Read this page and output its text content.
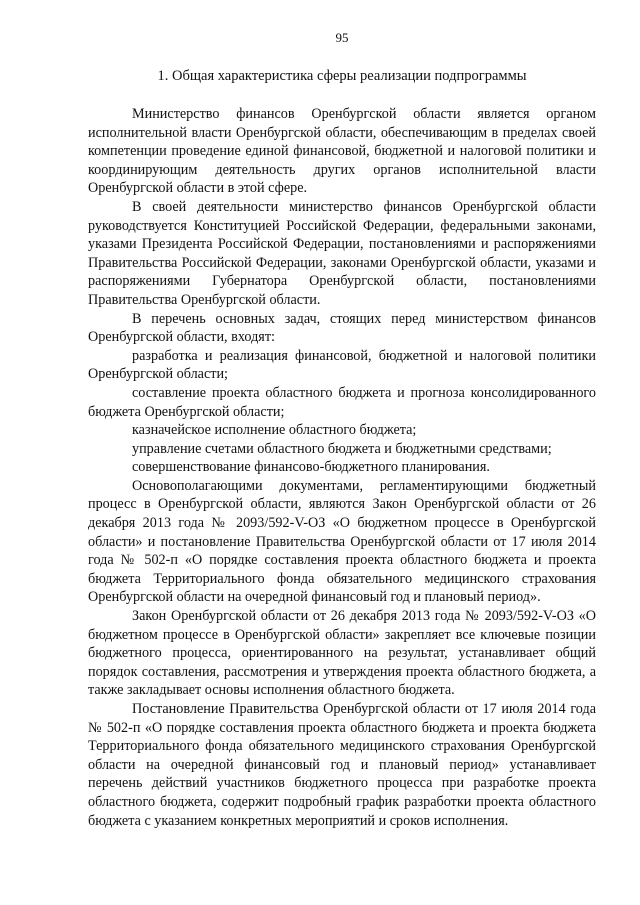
95
1. Общая характеристика сферы реализации подпрограммы

Министерство финансов Оренбургской области является органом исполнительной власти Оренбургской области, обеспечивающим в пределах своей компетенции проведение единой финансовой, бюджетной и налоговой политики и координирующим деятельность других органов исполнительной власти Оренбургской области в этой сфере.

В своей деятельности министерство финансов Оренбургской области руководствуется Конституцией Российской Федерации, федеральными законами, указами Президента Российской Федерации, постановлениями и распоряжениями Правительства Российской Федерации, законами Оренбургской области, указами и распоряжениями Губернатора Оренбургской области, постановлениями Правительства Оренбургской области.

В перечень основных задач, стоящих перед министерством финансов Оренбургской области, входят:

разработка и реализация финансовой, бюджетной и налоговой политики Оренбургской области;

составление проекта областного бюджета и прогноза консолидированного бюджета Оренбургской области;

казначейское исполнение областного бюджета;

управление счетами областного бюджета и бюджетными средствами;

совершенствование финансово-бюджетного планирования.

Основополагающими документами, регламентирующими бюджетный процесс в Оренбургской области, являются Закон Оренбургской области от 26 декабря 2013 года № 2093/592-V-ОЗ «О бюджетном процессе в Оренбургской области» и постановление Правительства Оренбургской области от 17 июля 2014 года № 502-п «О порядке составления проекта областного бюджета и проекта бюджета Территориального фонда обязательного медицинского страхования Оренбургской области на очередной финансовый год и плановый период».

Закон Оренбургской области от 26 декабря 2013 года № 2093/592-V-ОЗ «О бюджетном процессе в Оренбургской области» закрепляет все ключевые позиции бюджетного процесса, ориентированного на результат, устанавливает общий порядок составления, рассмотрения и утверждения проекта областного бюджета, а также закладывает основы исполнения областного бюджета.

Постановление Правительства Оренбургской области от 17 июля 2014 года № 502-п «О порядке составления проекта областного бюджета и проекта бюджета Территориального фонда обязательного медицинского страхования Оренбургской области на очередной финансовый год и плановый период» устанавливает перечень действий участников бюджетного процесса при разработке проекта областного бюджета, содержит подробный график разработки проекта областного бюджета с указанием конкретных мероприятий и сроков исполнения.
